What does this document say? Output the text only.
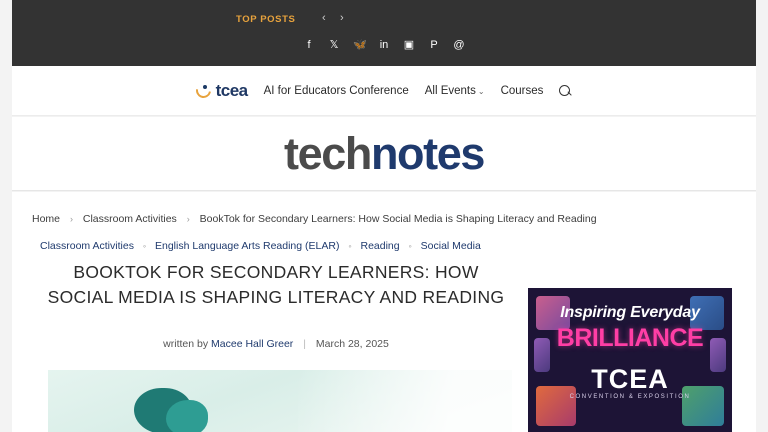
TOP POSTS ‹ ›
f	𝕏 🦋 in ▣ P @
tcea AI for Educators Conference All Events ⌄ Courses
technotes
Home › Classroom Activities › BookTok for Secondary Learners: How Social Media is Shaping Literacy and Reading
Classroom Activities ◦ English Language Arts Reading (ELAR) ◦ Reading ◦ Social Media
BOOKTOK FOR SECONDARY LEARNERS: HOW SOCIAL MEDIA IS SHAPING LITERACY AND READING
written by Macee Hall Greer | March 28, 2025
Inspiring Everyday
BRILLIANCE
TCEA
CONVENTION & EXPOSITION
